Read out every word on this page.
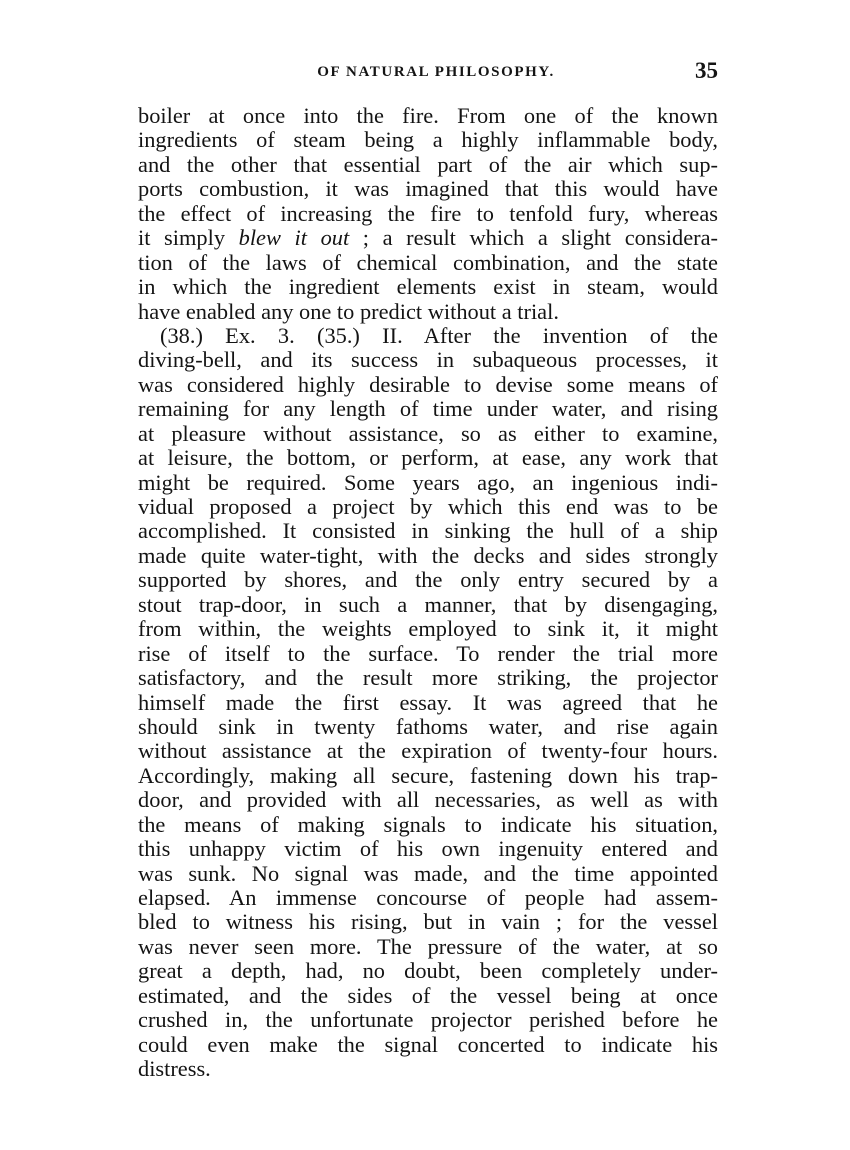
OF NATURAL PHILOSOPHY.	35
boiler at once into the fire. From one of the known
ingredients of steam being a highly inflammable body,
and the other that essential part of the air which sup-
ports combustion, it was imagined that this would have
the effect of increasing the fire to tenfold fury, whereas
it simply blew it out ; a result which a slight considera-
tion of the laws of chemical combination, and the state
in which the ingredient elements exist in steam, would
have enabled any one to predict without a trial.
(38.) Ex. 3. (35.) II. After the invention of the
diving-bell, and its success in subaqueous processes, it
was considered highly desirable to devise some means of
remaining for any length of time under water, and rising
at pleasure without assistance, so as either to examine,
at leisure, the bottom, or perform, at ease, any work that
might be required. Some years ago, an ingenious indi-
vidual proposed a project by which this end was to be
accomplished. It consisted in sinking the hull of a ship
made quite water-tight, with the decks and sides strongly
supported by shores, and the only entry secured by a
stout trap-door, in such a manner, that by disengaging,
from within, the weights employed to sink it, it might
rise of itself to the surface. To render the trial more
satisfactory, and the result more striking, the projector
himself made the first essay. It was agreed that he
should sink in twenty fathoms water, and rise again
without assistance at the expiration of twenty-four hours.
Accordingly, making all secure, fastening down his trap-
door, and provided with all necessaries, as well as with
the means of making signals to indicate his situation,
this unhappy victim of his own ingenuity entered and
was sunk. No signal was made, and the time appointed
elapsed. An immense concourse of people had assem-
bled to witness his rising, but in vain ; for the vessel
was never seen more. The pressure of the water, at so
great a depth, had, no doubt, been completely under-
estimated, and the sides of the vessel being at once
crushed in, the unfortunate projector perished before he
could even make the signal concerted to indicate his
distress.
